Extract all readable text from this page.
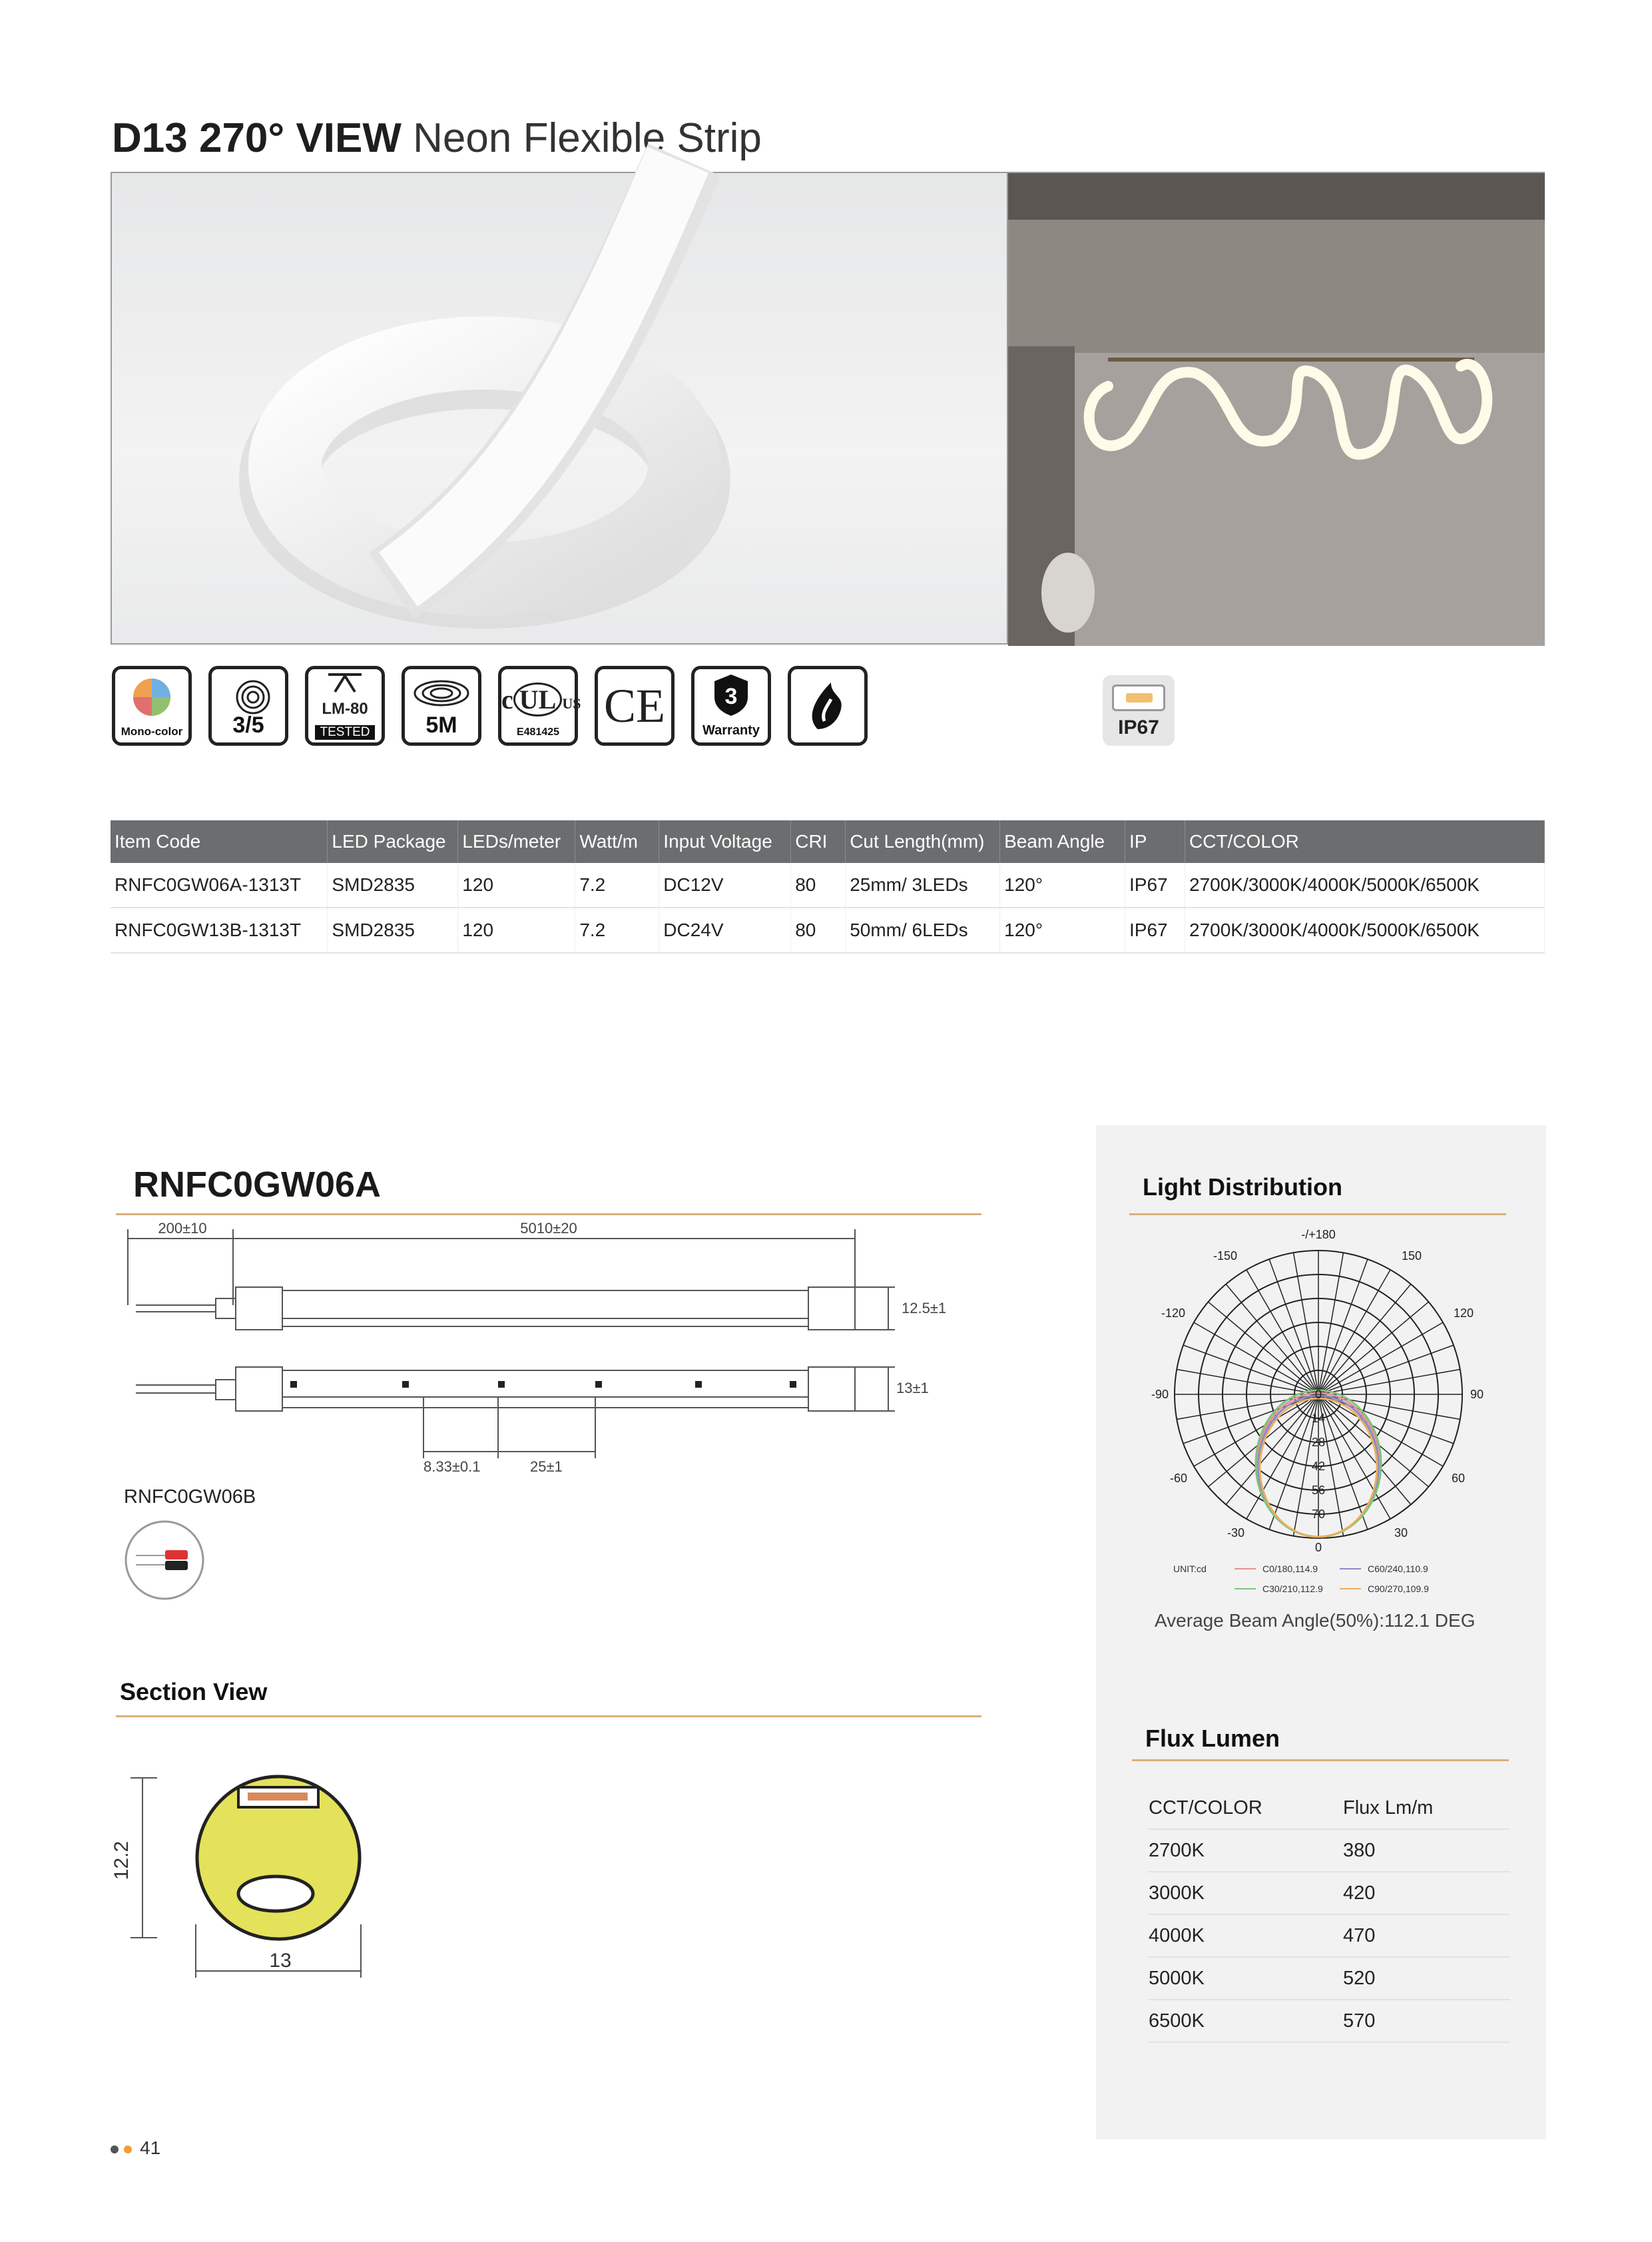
D13 270° VIEW Neon Flexible Strip
Mono-color	3/5
LM-80
TESTED	5M
c UL US
E481425 CE	3
Warranty	IP67
Item Code	LED Package	LEDs/meter	Watt/m	Input Voltage	CRI	Cut Length(mm)	Beam Angle	IP	CCT/COLOR
RNFC0GW06A-1313T	SMD2835	120	7.2	DC12V	80	25mm/ 3LEDs	120°	IP67	2700K/3000K/4000K/5000K/6500K
RNFC0GW13B-1313T	SMD2835	120	7.2	DC24V	80	50mm/ 6LEDs	120°	IP67	2700K/3000K/4000K/5000K/6500K
RNFC0GW06A
200±10	5010±20
12.5±1
13±1
8.33±0.1	25±1
RNFC0GW06B
Section View
12.2
13
Light Distribution
-/+180
-150	150
-120	120
-90	90
-60	60
-30	30
0
0
14
28
42
56
70
UNIT:cd	C0/180,114.9	C60/240,110.9
C30/210,112.9	C90/270,109.9
Average Beam Angle(50%):112.1 DEG
Flux Lumen
CCT/COLOR	Flux Lm/m
2700K	380
3000K	420
4000K	470
5000K	520
6500K	570
41
